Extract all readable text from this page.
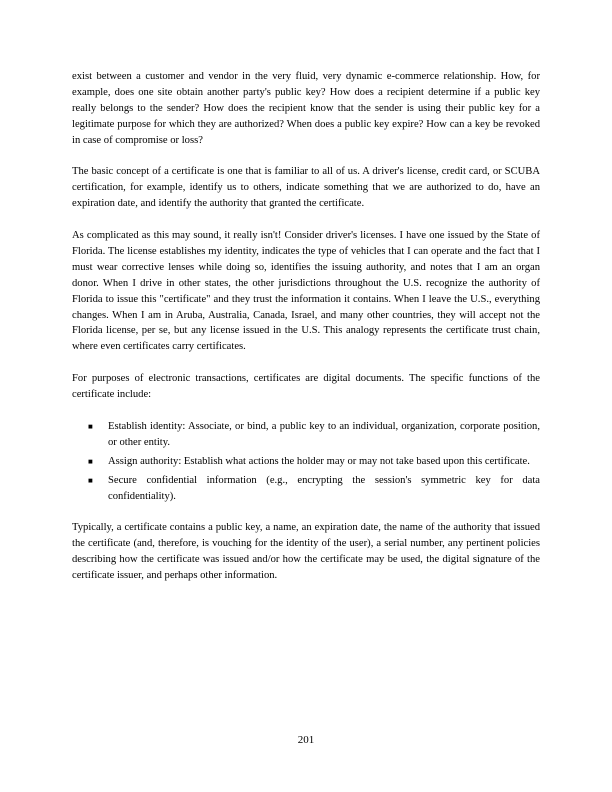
exist between a customer and vendor in the very fluid, very dynamic e-commerce relationship. How, for example, does one site obtain another party's public key? How does a recipient determine if a public key really belongs to the sender? How does the recipient know that the sender is using their public key for a legitimate purpose for which they are authorized? When does a public key expire? How can a key be revoked in case of compromise or loss?

The basic concept of a certificate is one that is familiar to all of us. A driver's license, credit card, or SCUBA certification, for example, identify us to others, indicate something that we are authorized to do, have an expiration date, and identify the authority that granted the certificate.

As complicated as this may sound, it really isn't! Consider driver's licenses. I have one issued by the State of Florida. The license establishes my identity, indicates the type of vehicles that I can operate and the fact that I must wear corrective lenses while doing so, identifies the issuing authority, and notes that I am an organ donor. When I drive in other states, the other jurisdictions throughout the U.S. recognize the authority of Florida to issue this "certificate" and they trust the information it contains. When I leave the U.S., everything changes. When I am in Aruba, Australia, Canada, Israel, and many other countries, they will accept not the Florida license, per se, but any license issued in the U.S. This analogy represents the certificate trust chain, where even certificates carry certificates.

For purposes of electronic transactions, certificates are digital documents. The specific functions of the certificate include:

■ Establish identity: Associate, or bind, a public key to an individual, organization, corporate position, or other entity.
■ Assign authority: Establish what actions the holder may or may not take based upon this certificate.
■ Secure confidential information (e.g., encrypting the session's symmetric key for data confidentiality).

Typically, a certificate contains a public key, a name, an expiration date, the name of the authority that issued the certificate (and, therefore, is vouching for the identity of the user), a serial number, any pertinent policies describing how the certificate was issued and/or how the certificate may be used, the digital signature of the certificate issuer, and perhaps other information.

201
